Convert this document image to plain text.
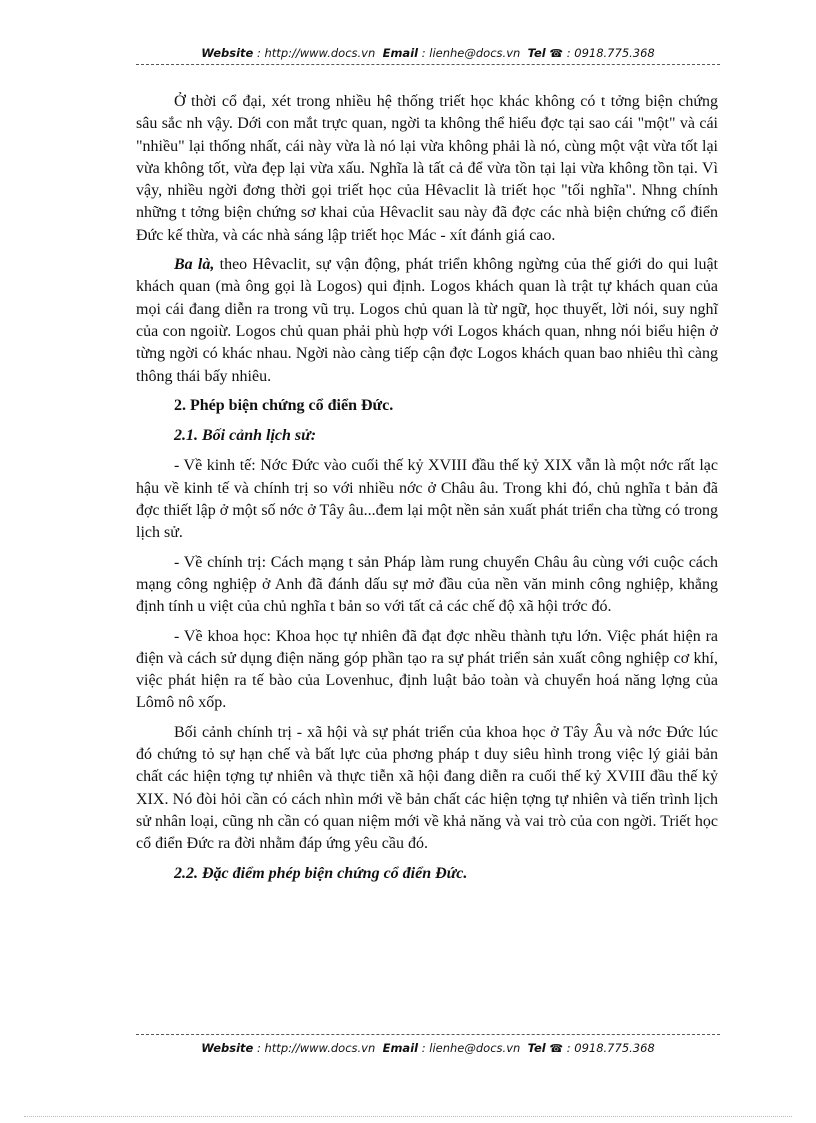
Website : http://www.docs.vn Email : lienhe@docs.vn Tel ☎ : 0918.775.368

Ở thời cổ đại, xét trong nhiều hệ thống triết học khác không có t tởng biện chứng sâu sắc nh vậy. Dới con mắt trực quan, ngời ta không thể hiểu đợc tại sao cái "một" và cái "nhiều" lại thống nhất, cái này vừa là nó lại vừa không phải là nó, cùng một vật vừa tốt lại vừa không tốt, vừa đẹp lại vừa xấu. Nghĩa là tất cả để vừa tồn tại lại vừa không tồn tại. Vì vậy, nhiều ngời đơng thời gọi triết học của Hêvaclit là triết học "tối nghĩa". Nhng chính những t tởng biện chứng sơ khai của Hêvaclit sau này đã đợc các nhà biện chứng cổ điển Đức kế thừa, và các nhà sáng lập triết học Mác - xít đánh giá cao.

Ba là, theo Hêvaclit, sự vận động, phát triển không ngừng của thế giới do qui luật khách quan (mà ông gọi là Logos) qui định. Logos khách quan là trật tự khách quan của mọi cái đang diễn ra trong vũ trụ. Logos chủ quan là từ ngữ, học thuyết, lời nói, suy nghĩ của con ngoiừ. Logos chủ quan phải phù hợp với Logos khách quan, nhng nói biểu hiện ở từng ngời có khác nhau. Ngời nào càng tiếp cận đợc Logos khách quan bao nhiêu thì càng thông thái bấy nhiêu.

2. Phép biện chứng cổ điển Đức.

2.1. Bối cảnh lịch sử:

- Về kinh tế: Nớc Đức vào cuối thế kỷ XVIII đầu thế kỷ XIX vẫn là một nớc rất lạc hậu về kinh tế và chính trị so với nhiều nớc ở Châu âu. Trong khi đó, chủ nghĩa t bản đã đợc thiết lập ở một số nớc ở Tây âu...đem lại một nền sản xuất phát triển cha từng có trong lịch sử.

- Về chính trị: Cách mạng t sản Pháp làm rung chuyển Châu âu cùng với cuộc cách mạng công nghiệp ở Anh đã đánh dấu sự mở đầu của nền văn minh công nghiệp, khẳng định tính u việt của chủ nghĩa t bản so với tất cả các chế độ xã hội trớc đó.

- Về khoa học: Khoa học tự nhiên đã đạt đợc nhều thành tựu lớn. Việc phát hiện ra điện và cách sử dụng điện năng góp phần tạo ra sự phát triển sản xuất công nghiệp cơ khí, việc phát hiện ra tế bào của Lovenhuc, định luật bảo toàn và chuyển hoá năng lợng của Lômô nô xốp.

Bối cảnh chính trị - xã hội và sự phát triển của khoa học ở Tây Âu và nớc Đức lúc đó chứng tỏ sự hạn chế và bất lực của phơng pháp t duy siêu hình trong việc lý giải bản chất các hiện tợng tự nhiên và thực tiễn xã hội đang diễn ra cuối thế kỷ XVIII đầu thế kỷ XIX. Nó đòi hỏi cần có cách nhìn mới về bản chất các hiện tợng tự nhiên và tiến trình lịch sử nhân loại, cũng nh cần có quan niệm mới về khả năng và vai trò của con ngời. Triết học cổ điển Đức ra đời nhằm đáp ứng yêu cầu đó.

2.2. Đặc điểm phép biện chứng cổ điển Đức.

Website : http://www.docs.vn Email : lienhe@docs.vn Tel ☎ : 0918.775.368
